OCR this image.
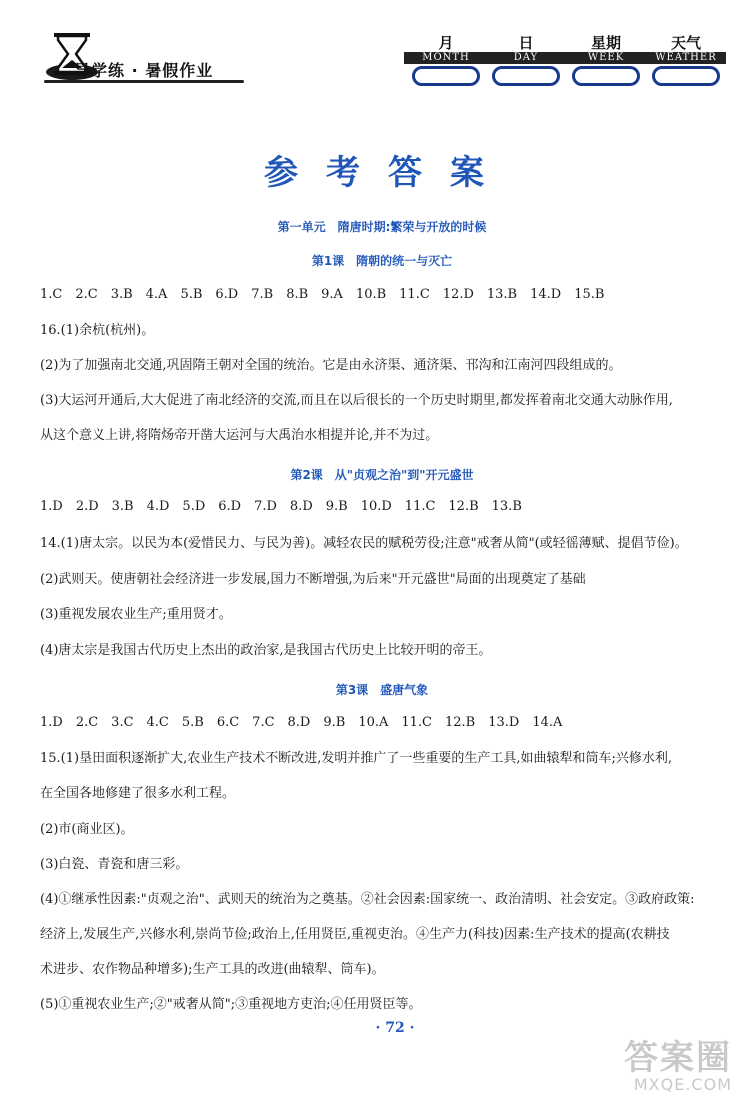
导学练 · 暑假作业
月	日	星期	天气
MONTH	DAY	WEEK	WEATHER
参考答案
第一单元　隋唐时期:繁荣与开放的时候
第1课　隋朝的统一与灭亡
1.C　2.C　3.B　4.A　5.B　6.D　7.B　8.B　9.A　10.B　11.C　12.D　13.B　14.D　15.B
16.(1)余杭(杭州)。
(2)为了加强南北交通,巩固隋王朝对全国的统治。它是由永济渠、通济渠、邗沟和江南河四段组成的。
(3)大运河开通后,大大促进了南北经济的交流,而且在以后很长的一个历史时期里,都发挥着南北交通大动脉作用,
从这个意义上讲,将隋炀帝开凿大运河与大禹治水相提并论,并不为过。
第2课　从"贞观之治"到"开元盛世
1.D　2.D　3.B　4.D　5.D　6.D　7.D　8.D　9.B　10.D　11.C　12.B　13.B
14.(1)唐太宗。以民为本(爱惜民力、与民为善)。减轻农民的赋税劳役;注意"戒奢从简"(或轻徭薄赋、提倡节俭)。
(2)武则天。使唐朝社会经济进一步发展,国力不断增强,为后来"开元盛世"局面的出现奠定了基础
(3)重视发展农业生产;重用贤才。
(4)唐太宗是我国古代历史上杰出的政治家,是我国古代历史上比较开明的帝王。
第3课　盛唐气象
1.D　2.C　3.C　4.C　5.B　6.C　7.C　8.D　9.B　10.A　11.C　12.B　13.D　14.A
15.(1)垦田面积逐渐扩大,农业生产技术不断改进,发明并推广了一些重要的生产工具,如曲辕犁和筒车;兴修水利,
在全国各地修建了很多水利工程。
(2)市(商业区)。
(3)白瓷、青瓷和唐三彩。
(4)①继承性因素:"贞观之治"、武则天的统治为之奠基。②社会因素:国家统一、政治清明、社会安定。③政府政策:
经济上,发展生产,兴修水利,崇尚节俭;政治上,任用贤臣,重视吏治。④生产力(科技)因素:生产技术的提高(农耕技
术进步、农作物品种增多);生产工具的改进(曲辕犁、筒车)。
(5)①重视农业生产;②"戒奢从简";③重视地方吏治;④任用贤臣等。
· 72 ·
答案圈
MXQE.COM
